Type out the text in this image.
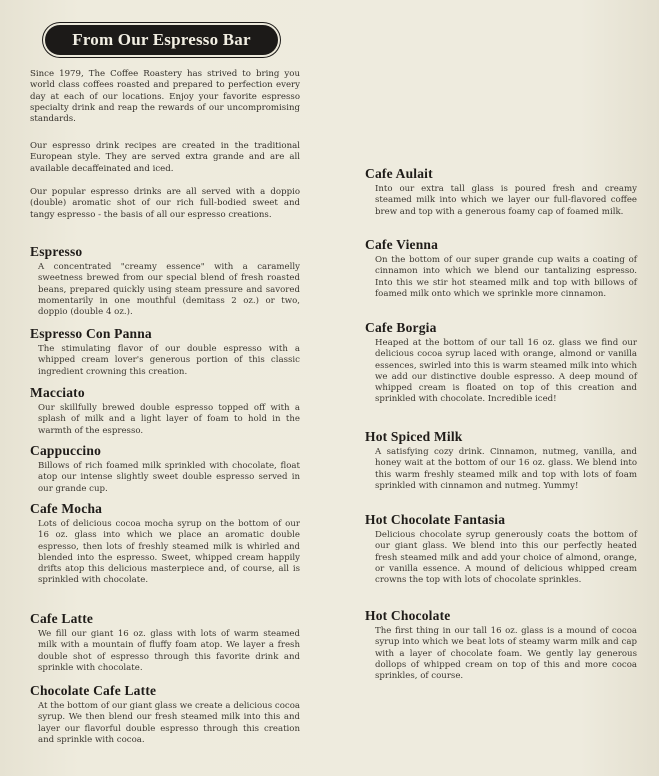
From Our Espresso Bar

Since 1979, The Coffee Roastery has strived to bring you world class coffees roasted and prepared to perfection every day at each of our locations. Enjoy your favorite espresso specialty drink and reap the rewards of our uncompromising standards.

Our espresso drink recipes are created in the traditional European style. They are served extra grande and are all available decaffeinated and iced.

Our popular espresso drinks are all served with a doppio (double) aromatic shot of our rich full-bodied sweet and tangy espresso - the basis of all our espresso creations.

Espresso

A concentrated "creamy essence" with a caramelly sweetness brewed from our special blend of fresh roasted beans, prepared quickly using steam pressure and savored momentarily in one mouthful (demitass 2 oz.) or two, doppio (double 4 oz.).

Espresso Con Panna

The stimulating flavor of our double espresso with a whipped cream lover's generous portion of this classic ingredient crowning this creation.

Macciato

Our skillfully brewed double espresso topped off with a splash of milk and a light layer of foam to hold in the warmth of the espresso.

Cappuccino

Billows of rich foamed milk sprinkled with chocolate, float atop our intense slightly sweet double espresso served in our grande cup.

Cafe Mocha

Lots of delicious cocoa mocha syrup on the bottom of our 16 oz. glass into which we place an aromatic double espresso, then lots of freshly steamed milk is whirled and blended into the espresso. Sweet, whipped cream happily drifts atop this delicious masterpiece and, of course, all is sprinkled with chocolate.

Cafe Latte

We fill our giant 16 oz. glass with lots of warm steamed milk with a mountain of fluffy foam atop. We layer a fresh double shot of espresso through this favorite drink and sprinkle with chocolate.

Chocolate Cafe Latte

At the bottom of our giant glass we create a delicious cocoa syrup. We then blend our fresh steamed milk into this and layer our flavorful double espresso through this creation and sprinkle with cocoa.

Cafe Aulait

Into our extra tall glass is poured fresh and creamy steamed milk into which we layer our full-flavored coffee brew and top with a generous foamy cap of foamed milk.

Cafe Vienna

On the bottom of our super grande cup waits a coating of cinnamon into which we blend our tantalizing espresso. Into this we stir hot steamed milk and top with billows of foamed milk onto which we sprinkle more cinnamon.

Cafe Borgia

Heaped at the bottom of our tall 16 oz. glass we find our delicious cocoa syrup laced with orange, almond or vanilla essences, swirled into this is warm steamed milk into which we add our distinctive double espresso. A deep mound of whipped cream is floated on top of this creation and sprinkled with chocolate. Incredible iced!

Hot Spiced Milk

A satisfying cozy drink. Cinnamon, nutmeg, vanilla, and honey wait at the bottom of our 16 oz. glass. We blend into this warm freshly steamed milk and top with lots of foam sprinkled with cinnamon and nutmeg. Yummy!

Hot Chocolate Fantasia

Delicious chocolate syrup generously coats the bottom of our giant glass. We blend into this our perfectly heated fresh steamed milk and add your choice of almond, orange, or vanilla essence. A mound of delicious whipped cream crowns the top with lots of chocolate sprinkles.

Hot Chocolate

The first thing in our tall 16 oz. glass is a mound of cocoa syrup into which we beat lots of steamy warm milk and cap with a layer of chocolate foam. We gently lay generous dollops of whipped cream on top of this and more cocoa sprinkles, of course.
